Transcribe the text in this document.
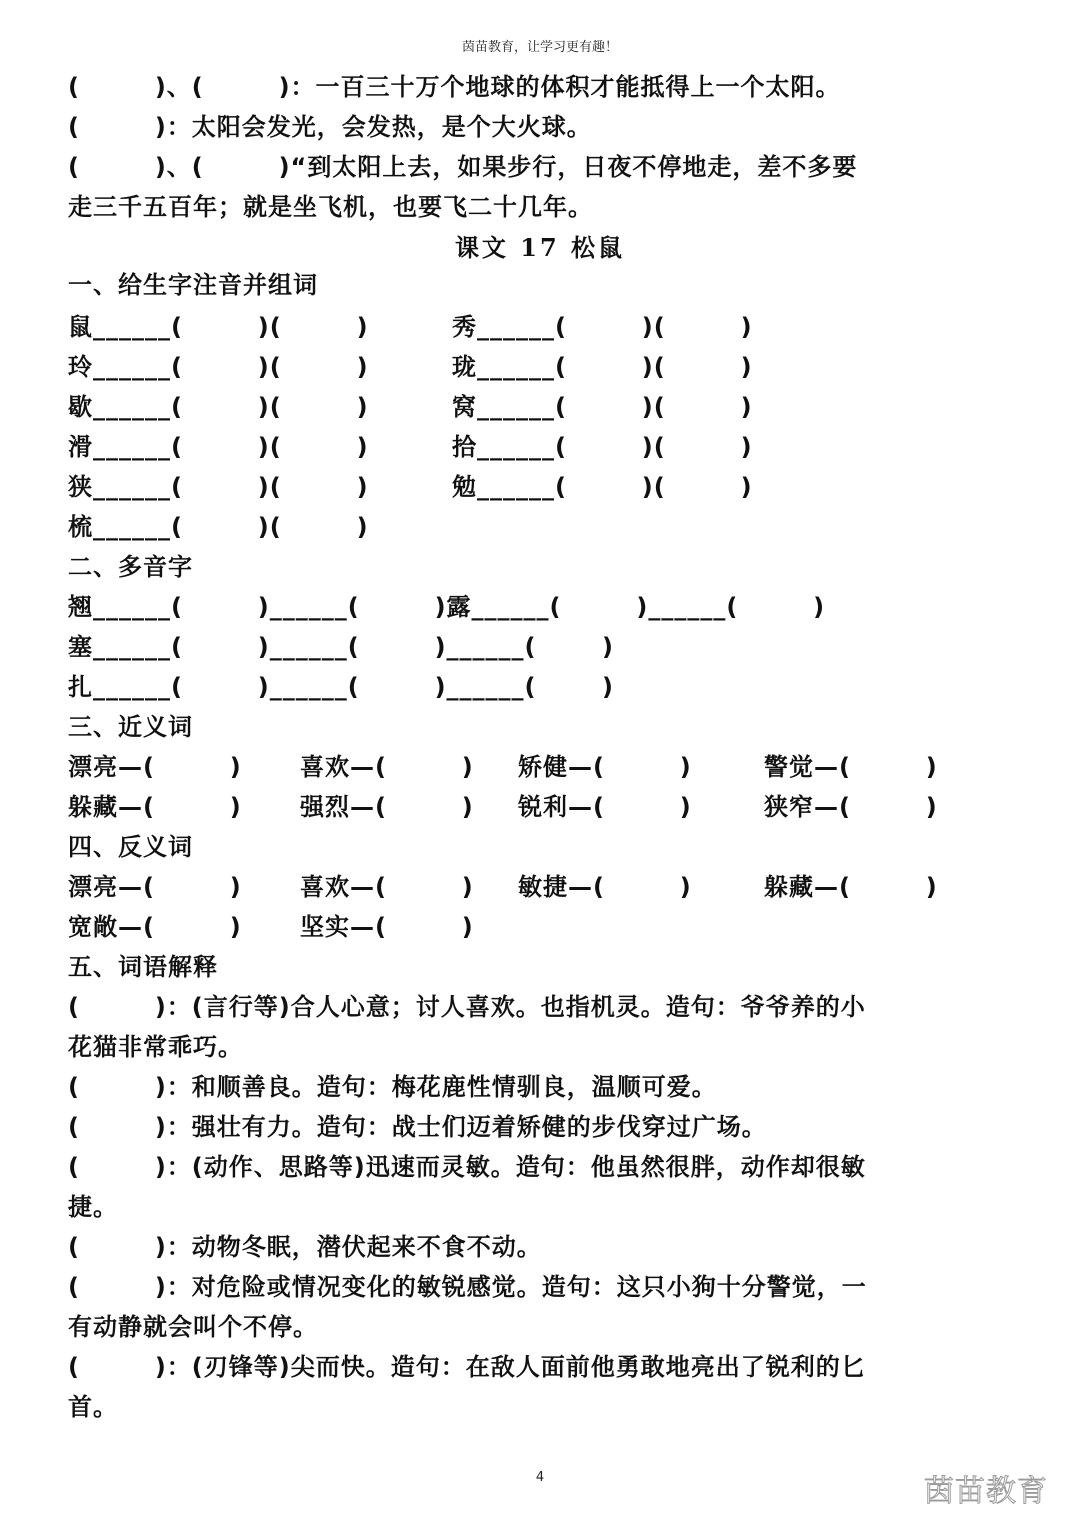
茵苗教育，让学习更有趣！
(        )、(        )：一百三十万个地球的体积才能抵得上一个太阳。
(        )：太阳会发光，会发热，是个大火球。
(        )、(        )“到太阳上去，如果步行，日夜不停地走，差不多要
走三千五百年；就是坐飞机，也要飞二十几年。
课文 17 松鼠
一、给生字注音并组词
鼠______(        )(        )	秀______(        )(        )
玲______(        )(        )	珑______(        )(        )
歇______(        )(        )	窝______(        )(        )
滑______(        )(        )	拾______(        )(        )
狭______(        )(        )	勉______(        )(        )
梳______(        )(        )
二、多音字
翘______(        )______(        )露______(        )______(        )
塞______(        )______(        )______(       )
扎______(        )______(        )______(       )
三、近义词
漂亮—(        ) 喜欢—(        ) 矫健—(        )	警觉—(        )
躲藏—(        ) 强烈—(        ) 锐利—(        )	狭窄—(        )
四、反义词
漂亮—(        ) 喜欢—(        ) 敏捷—(        )	躲藏—(        )
宽敞—(        ) 坚实—(        )
五、词语解释
(        )：(言行等)合人心意；讨人喜欢。也指机灵。造句：爷爷养的小
花猫非常乖巧。
(        )：和顺善良。造句：梅花鹿性情驯良，温顺可爱。
(        )：强壮有力。造句：战士们迈着矫健的步伐穿过广场。
(        )：(动作、思路等)迅速而灵敏。造句：他虽然很胖，动作却很敏
捷。
(        )：动物冬眠，潜伏起来不食不动。
(        )：对危险或情况变化的敏锐感觉。造句：这只小狗十分警觉，一
有动静就会叫个不停。
(        )：(刃锋等)尖而快。造句：在敌人面前他勇敢地亮出了锐利的匕
首。
4	茵苗教育
